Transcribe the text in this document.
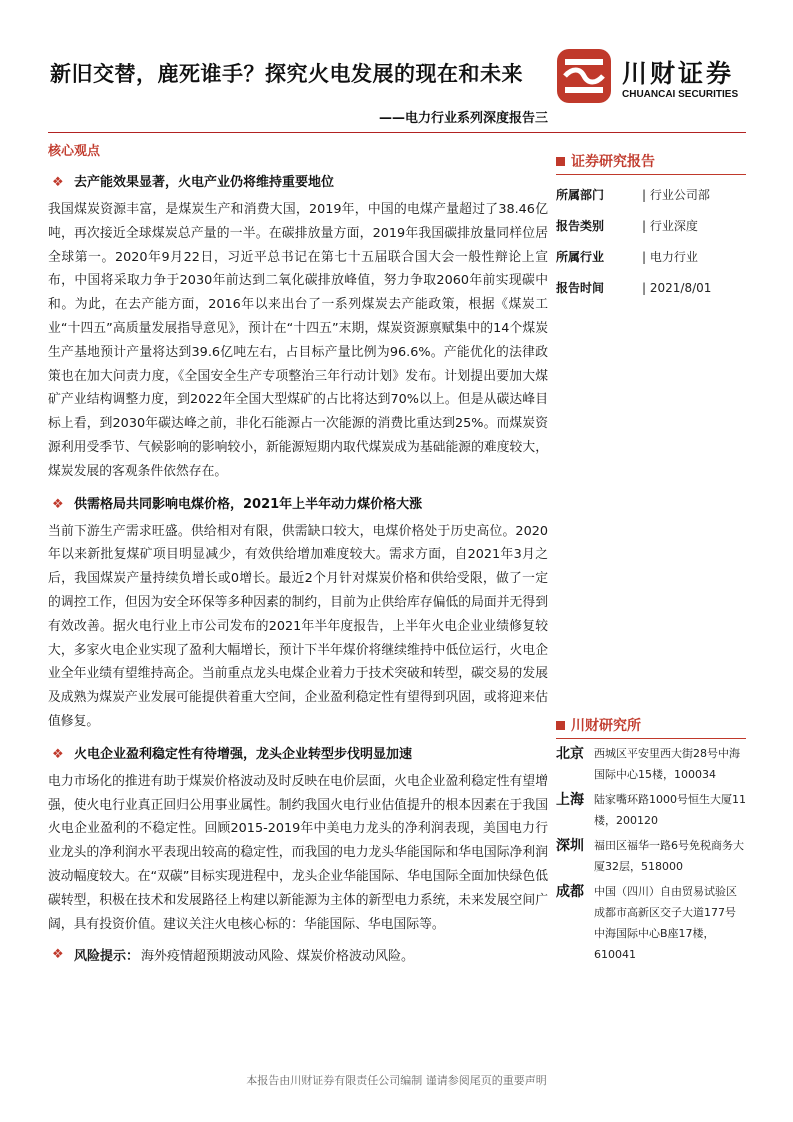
新旧交替，鹿死谁手？探究火电发展的现在和未来
——电力行业系列深度报告三
川财证券
CHUANCAI SECURITIES
核心观点
❖ 去产能效果显著，火电产业仍将维持重要地位

我国煤炭资源丰富，是煤炭生产和消费大国，2019年，中国的电煤产量超过了38.46亿吨，再次接近全球煤炭总产量的一半。在碳排放量方面，2019年我国碳排放量同样位居全球第一。2020年9月22日，习近平总书记在第七十五届联合国大会一般性辩论上宣布，中国将采取力争于2030年前达到二氧化碳排放峰值，努力争取2060年前实现碳中和。为此，在去产能方面，2016年以来出台了一系列煤炭去产能政策，根据《煤炭工业“十四五”高质量发展指导意见》，预计在“十四五”末期，煤炭资源禀赋集中的14个煤炭生产基地预计产量将达到39.6亿吨左右，占目标产量比例为96.6%。产能优化的法律政策也在加大问责力度，《全国安全生产专项整治三年行动计划》发布。计划提出要加大煤矿产业结构调整力度，到2022年全国大型煤矿的占比将达到70%以上。但是从碳达峰目标上看，到2030年碳达峰之前，非化石能源占一次能源的消费比重达到25%。而煤炭资源利用受季节、气候影响的影响较小，新能源短期内取代煤炭成为基础能源的难度较大，煤炭发展的客观条件依然存在。

❖ 供需格局共同影响电煤价格，2021年上半年动力煤价格大涨

当前下游生产需求旺盛。供给相对有限，供需缺口较大，电煤价格处于历史高位。2020年以来新批复煤矿项目明显减少，有效供给增加难度较大。需求方面，自2021年3月之后，我国煤炭产量持续负增长或0增长。最近2个月针对煤炭价格和供给受限，做了一定的调控工作，但因为安全环保等多种因素的制约，目前为止供给库存偏低的局面并无得到有效改善。据火电行业上市公司发布的2021年半年度报告，上半年火电企业业绩修复较大，多家火电企业实现了盈利大幅增长，预计下半年煤价将继续维持中低位运行，火电企业全年业绩有望维持高企。当前重点龙头电煤企业着力于技术突破和转型，碳交易的发展及成熟为煤炭产业发展可能提供着重大空间，企业盈利稳定性有望得到巩固，或将迎来估值修复。

❖ 火电企业盈利稳定性有待增强，龙头企业转型步伐明显加速

电力市场化的推进有助于煤炭价格波动及时反映在电价层面，火电企业盈利稳定性有望增强，使火电行业真正回归公用事业属性。制约我国火电行业估值提升的根本因素在于我国火电企业盈利的不稳定性。回顾2015-2019年中美电力龙头的净利润表现，美国电力行业龙头的净利润水平表现出较高的稳定性，而我国的电力龙头华能国际和华电国际净利润波动幅度较大。在“双碳”目标实现进程中，龙头企业华能国际、华电国际全面加快绿色低碳转型，积极在技术和发展路径上构建以新能源为主体的新型电力系统，未来发展空间广阔，具有投资价值。建议关注火电核心标的：华能国际、华电国际等。

❖ 风险提示： 海外疫情超预期波动风险、煤炭价格波动风险。
证券研究报告
所属部门	| 行业公司部
报告类别	| 行业深度
所属行业	| 电力行业
报告时间	| 2021/8/01
川财研究所
北京 西城区平安里西大街28号中海国际中心15楼，100034
上海 陆家嘴环路1000号恒生大厦11楼，200120
深圳 福田区福华一路6号免税商务大厦32层，518000
成都 中国（四川）自由贸易试验区成都市高新区交子大道177号中海国际中心B座17楼，610041
本报告由川财证券有限责任公司编制 谨请参阅尾页的重要声明
